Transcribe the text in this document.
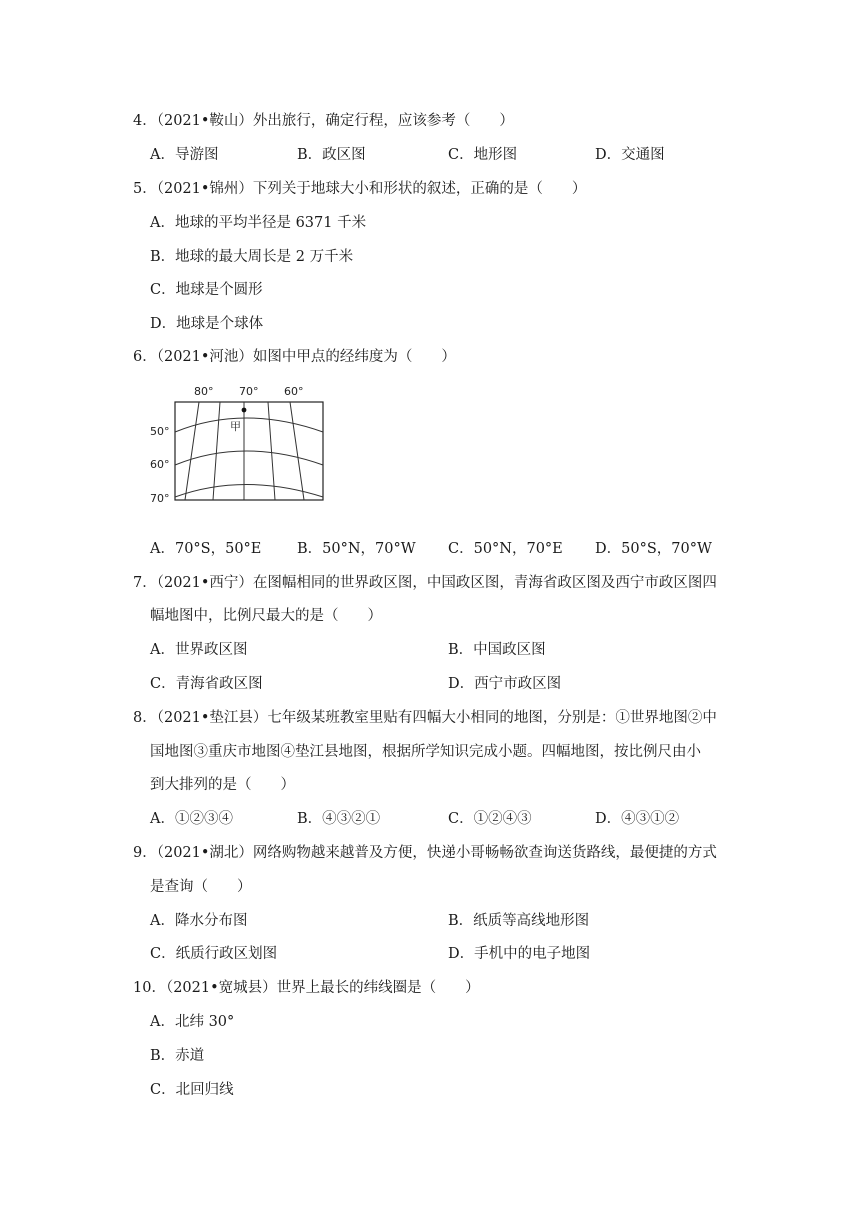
4．（2021•鞍山）外出旅行，确定行程，应该参考（　　）
A．导游图	B．政区图	C．地形图	D．交通图
5．（2021•锦州）下列关于地球大小和形状的叙述，正确的是（　　）
A．地球的平均半径是 6371 千米
B．地球的最大周长是 2 万千米
C．地球是个圆形
D．地球是个球体
6．（2021•河池）如图中甲点的经纬度为（　　）
80° 70° 60°
50°
60°
70°
甲
A．70°S，50°E B．50°N，70°W C．50°N，70°E D．50°S，70°W
7．（2021•西宁）在图幅相同的世界政区图，中国政区图，青海省政区图及西宁市政区图四
幅地图中，比例尺最大的是（　　）
A．世界政区图	B．中国政区图
C．青海省政区图	D．西宁市政区图
8．（2021•垫江县）七年级某班教室里贴有四幅大小相同的地图，分别是：①世界地图②中
国地图③重庆市地图④垫江县地图，根据所学知识完成小题。四幅地图，按比例尺由小
到大排列的是（　　）
A．①②③④	B．④③②①	C．①②④③	D．④③①②
9．（2021•湖北）网络购物越来越普及方便，快递小哥畅畅欲查询送货路线，最便捷的方式
是查询（　　）
A．降水分布图	B．纸质等高线地形图
C．纸质行政区划图	D．手机中的电子地图
10．（2021•宽城县）世界上最长的纬线圈是（　　）
A．北纬 30°
B．赤道
C．北回归线
